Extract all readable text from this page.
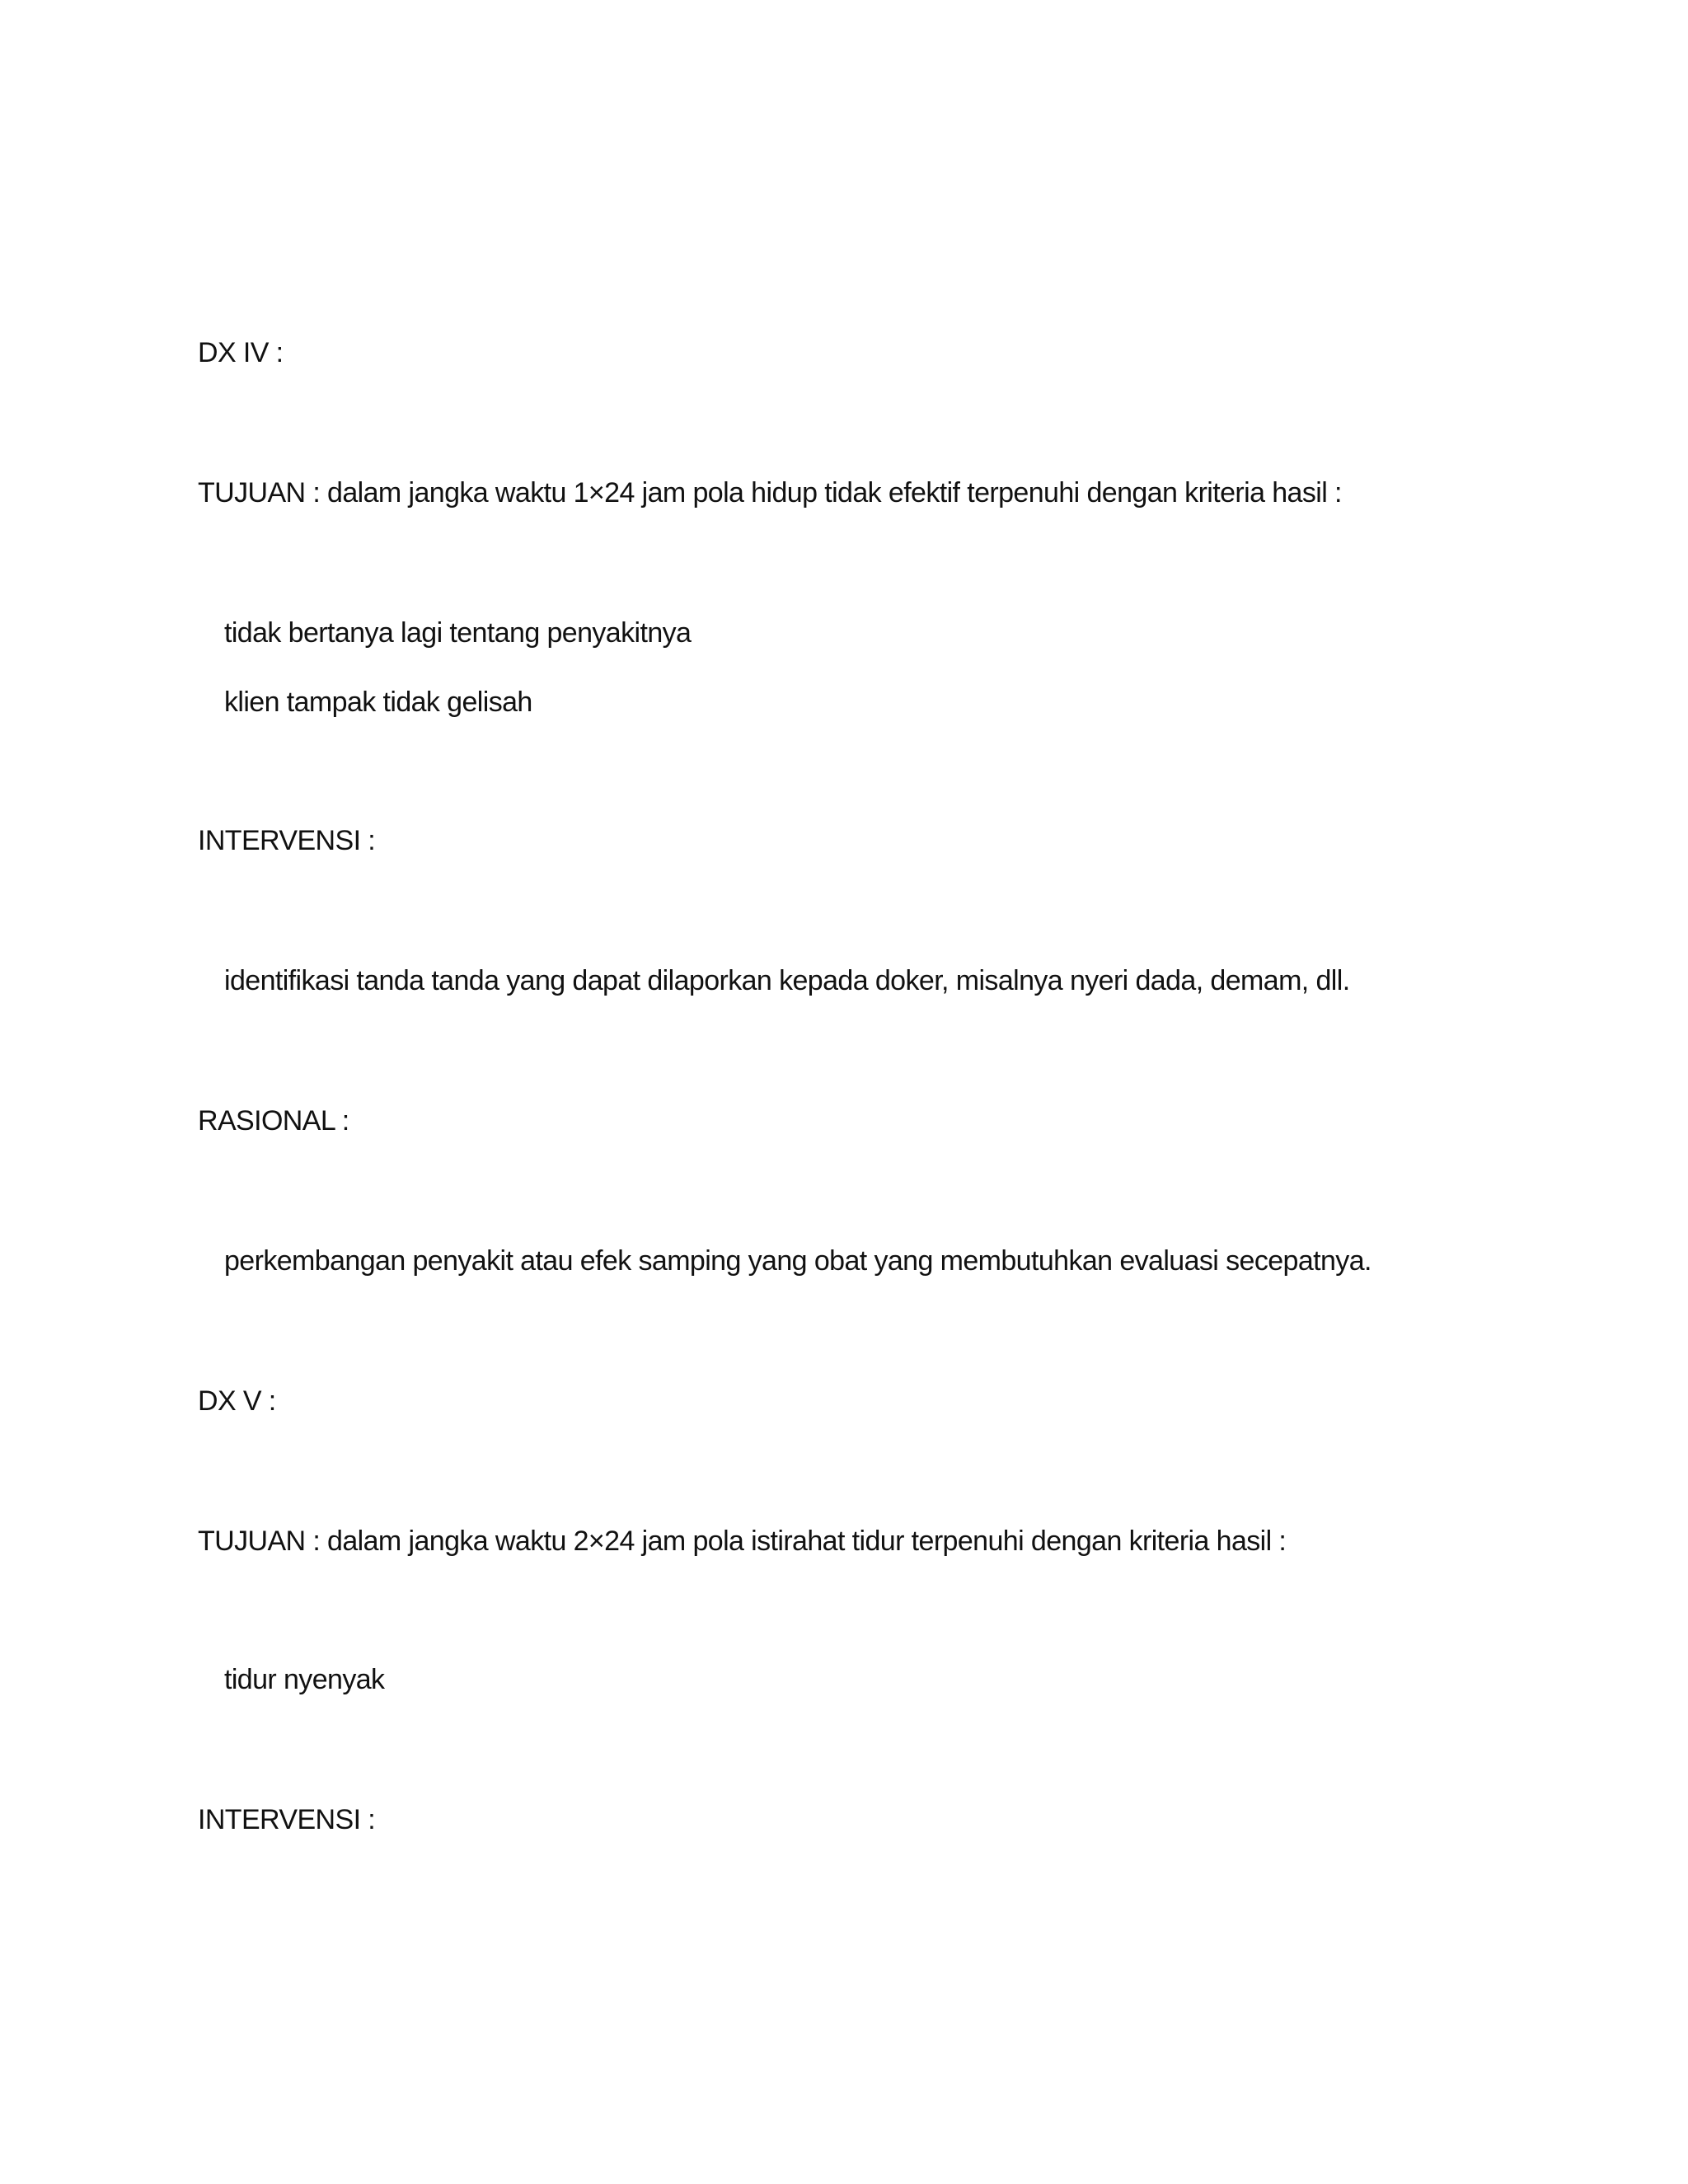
DX IV :
TUJUAN : dalam jangka waktu 1×24 jam pola hidup tidak efektif terpenuhi dengan kriteria hasil :
tidak bertanya lagi tentang penyakitnya
klien tampak tidak gelisah
INTERVENSI :
identifikasi tanda tanda yang dapat dilaporkan kepada doker, misalnya nyeri dada, demam, dll.
RASIONAL :
perkembangan penyakit atau efek samping yang obat yang membutuhkan evaluasi secepatnya.
DX V :
TUJUAN : dalam jangka waktu 2×24 jam pola istirahat tidur terpenuhi dengan kriteria hasil :
tidur nyenyak
INTERVENSI :
